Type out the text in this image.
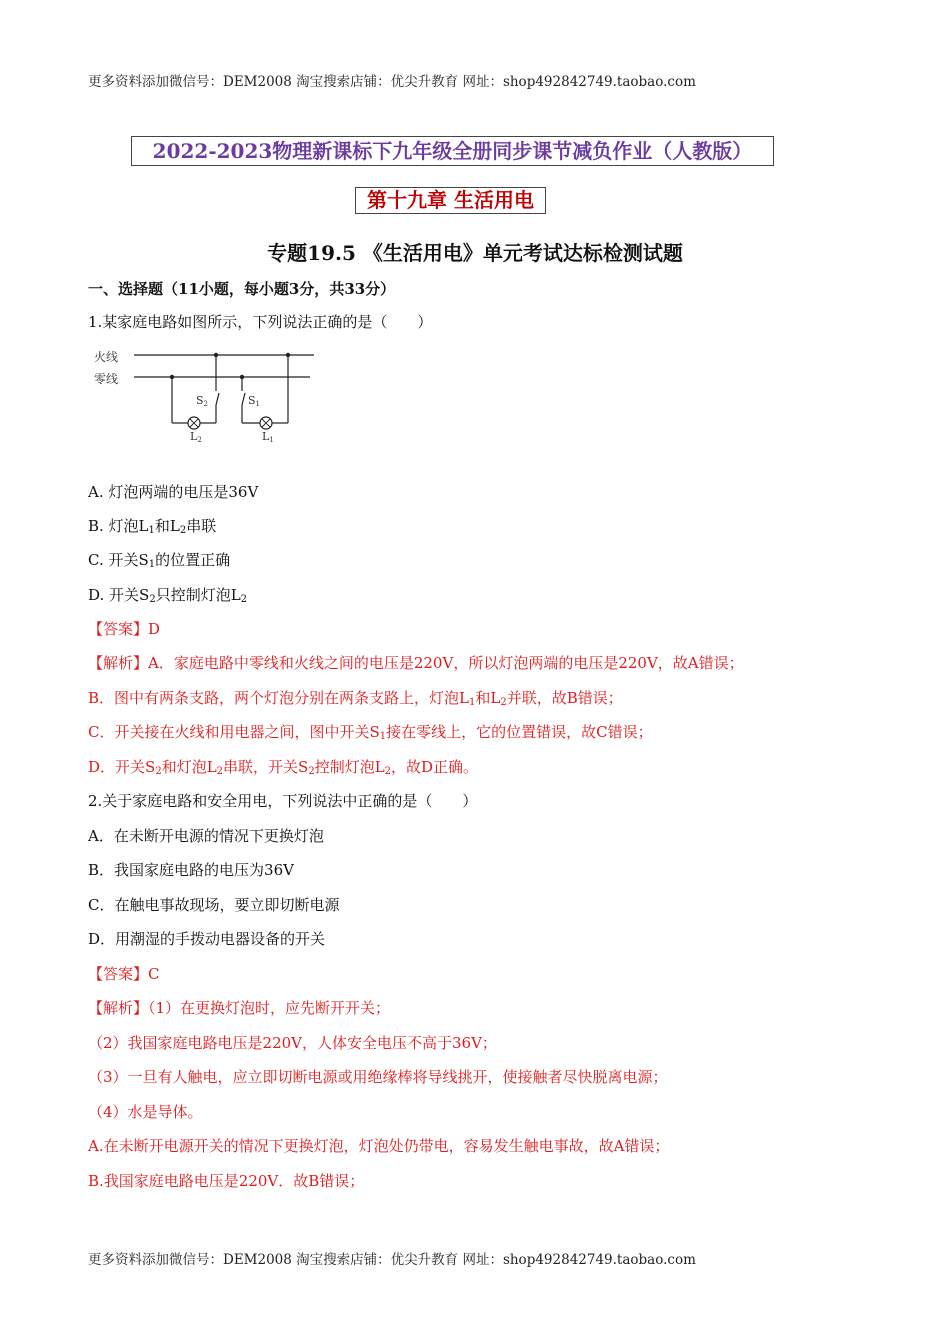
更多资料添加微信号：DEM2008 淘宝搜索店铺：优尖升教育 网址：shop492842749.taobao.com
2022-2023物理新课标下九年级全册同步课节减负作业（人教版）
第十九章 生活用电
专题19.5 《生活用电》单元考试达标检测试题
一、选择题（11小题，每小题3分，共33分）
1.某家庭电路如图所示，下列说法正确的是（　　）
火线
零线
S2
L2
S1
L1
A. 灯泡两端的电压是36V
B. 灯泡$L_1$和$L_2$串联
C. 开关$S_1$的位置正确
D. 开关$S_2$只控制灯泡$L_2$
【答案】D
【解析】A．家庭电路中零线和火线之间的电压是220V，所以灯泡两端的电压是220V，故A错误；
B．图中有两条支路，两个灯泡分别在两条支路上，灯泡$L_1$和$L_2$并联，故B错误；
C．开关接在火线和用电器之间，图中开关$S_1$接在零线上，它的位置错误，故C错误；
D．开关$S_2$和灯泡$L_2$串联，开关$S_2$控制灯泡$L_2$，故D正确。
2.关于家庭电路和安全用电，下列说法中正确的是（　　）
A．在未断开电源的情况下更换灯泡
B．我国家庭电路的电压为36V
C．在触电事故现场，要立即切断电源
D．用潮湿的手拨动电器设备的开关
【答案】C
【解析】（1）在更换灯泡时，应先断开开关；
（2）我国家庭电路电压是220V，人体安全电压不高于36V；
（3）一旦有人触电，应立即切断电源或用绝缘棒将导线挑开，使接触者尽快脱离电源；
（4）水是导体。
A.在未断开电源开关的情况下更换灯泡，灯泡处仍带电，容易发生触电事故，故A错误；
B.我国家庭电路电压是220V．故B错误；
更多资料添加微信号：DEM2008 淘宝搜索店铺：优尖升教育 网址：shop492842749.taobao.com
